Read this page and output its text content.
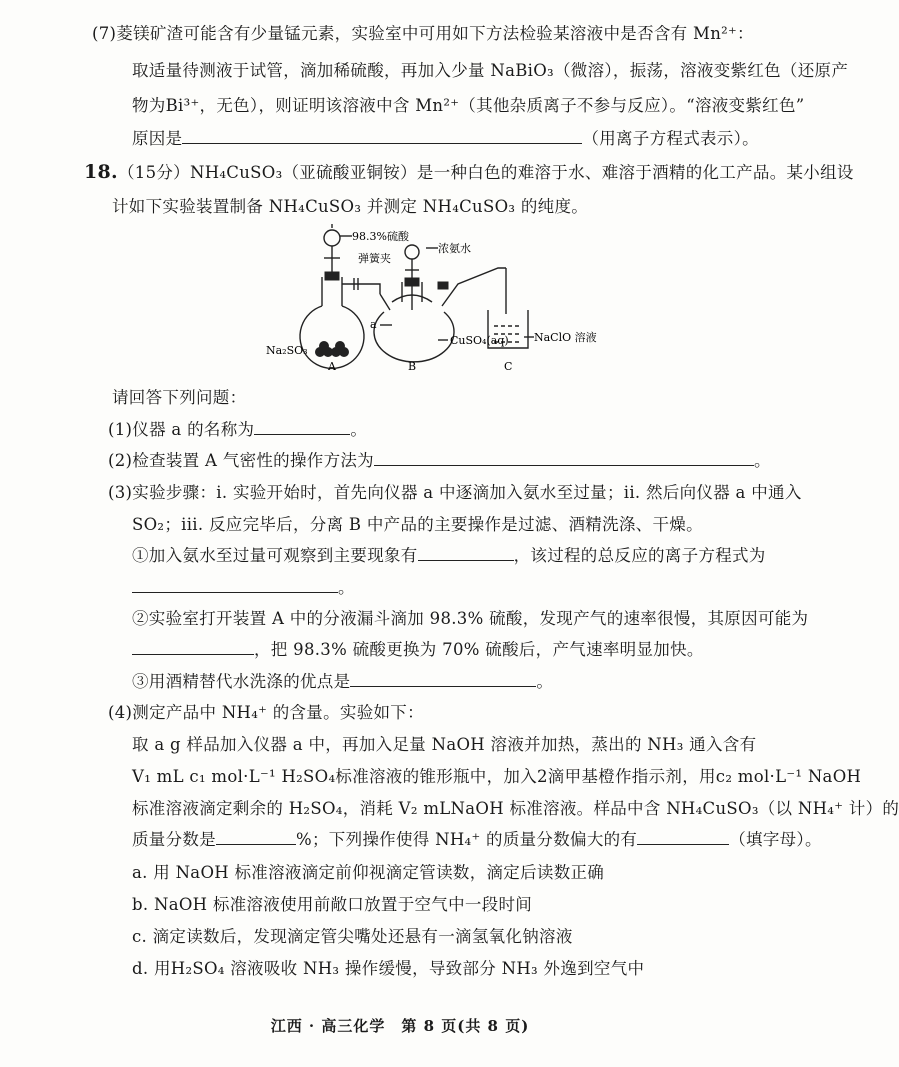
(7)菱镁矿渣可能含有少量锰元素，实验室中可用如下方法检验某溶液中是否含有 Mn²⁺：
取适量待测液于试管，滴加稀硫酸，再加入少量 NaBiO₃（微溶），振荡，溶液变紫红色（还原产
物为Bi³⁺，无色），则证明该溶液中含 Mn²⁺（其他杂质离子不参与反应）。“溶液变紫红色”
原因是	（用离子方程式表示）。
18.（15分）NH₄CuSO₃（亚硫酸亚铜铵）是一种白色的难溶于水、难溶于酒精的化工产品。某小组设
计如下实验装置制备 NH₄CuSO₃ 并测定 NH₄CuSO₃ 的纯度。
98.3%硫酸
弹簧夹
浓氨水
a
CuSO₄(aq) NaClO 溶液
Na₂SO₃
A	B	C
请回答下列问题：
(1)仪器 a 的名称为	。
(2)检查装置 A 气密性的操作方法为	。
(3)实验步骤：i. 实验开始时，首先向仪器 a 中逐滴加入氨水至过量；ii. 然后向仪器 a 中通入
SO₂；iii. 反应完毕后，分离 B 中产品的主要操作是过滤、酒精洗涤、干燥。
①加入氨水至过量可观察到主要现象有	，该过程的总反应的离子方程式为
。
②实验室打开装置 A 中的分液漏斗滴加 98.3% 硫酸，发现产气的速率很慢，其原因可能为
，把 98.3% 硫酸更换为 70% 硫酸后，产气速率明显加快。
③用酒精替代水洗涤的优点是	。
(4)测定产品中 NH₄⁺ 的含量。实验如下：
取 a g 样品加入仪器 a 中，再加入足量 NaOH 溶液并加热，蒸出的 NH₃ 通入含有
V₁ mL c₁ mol·L⁻¹ H₂SO₄标准溶液的锥形瓶中，加入2滴甲基橙作指示剂，用c₂ mol·L⁻¹ NaOH
标准溶液滴定剩余的 H₂SO₄，消耗 V₂ mLNaOH 标准溶液。样品中含 NH₄CuSO₃（以 NH₄⁺ 计）的
质量分数是	%；下列操作使得 NH₄⁺ 的质量分数偏大的有	（填字母）。
a. 用 NaOH 标准溶液滴定前仰视滴定管读数，滴定后读数正确
b. NaOH 标准溶液使用前敞口放置于空气中一段时间
c. 滴定读数后，发现滴定管尖嘴处还悬有一滴氢氧化钠溶液
d. 用H₂SO₄ 溶液吸收 NH₃ 操作缓慢，导致部分 NH₃ 外逸到空气中
江西 · 高三化学　第 8 页(共 8 页)
